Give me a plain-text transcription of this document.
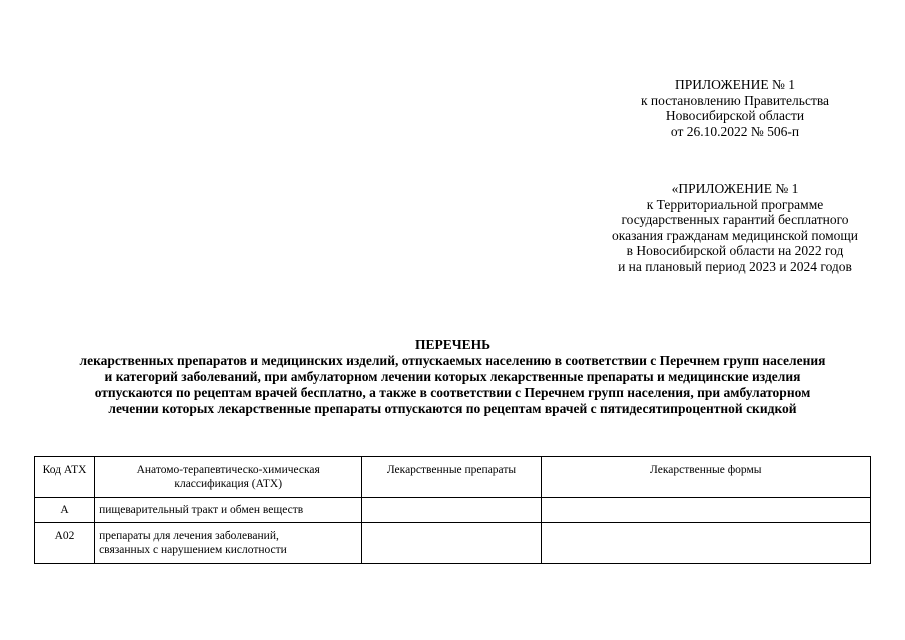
ПРИЛОЖЕНИЕ № 1
к постановлению Правительства
Новосибирской области
от 26.10.2022 № 506-п
«ПРИЛОЖЕНИЕ № 1
к Территориальной программе
государственных гарантий бесплатного
оказания гражданам медицинской помощи
в Новосибирской области на 2022 год
и на плановый период 2023 и 2024 годов
ПЕРЕЧЕНЬ
лекарственных препаратов и медицинских изделий, отпускаемых населению в соответствии с Перечнем групп населения
и категорий заболеваний, при амбулаторном лечении которых лекарственные препараты и медицинские изделия
отпускаются по рецептам врачей бесплатно, а также в соответствии с Перечнем групп населения, при амбулаторном
лечении которых лекарственные препараты отпускаются по рецептам врачей с пятидесятипроцентной скидкой
Код АТХ	Анатомо-терапевтическо-химическая классификация (АТХ)	Лекарственные препараты	Лекарственные формы
А	пищеварительный тракт и обмен веществ		
А02	препараты для лечения заболеваний,
связанных с нарушением кислотности		
